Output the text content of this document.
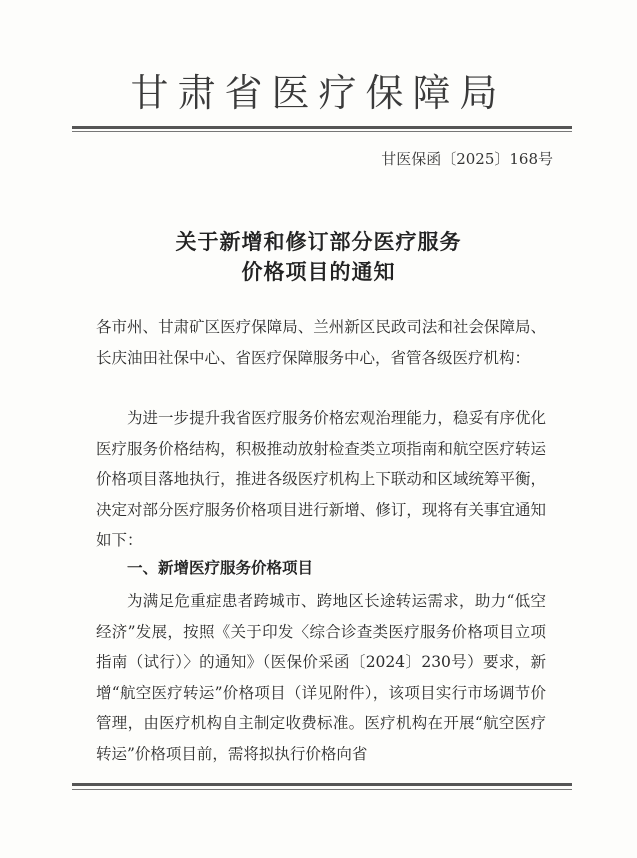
甘肃省医疗保障局
甘医保函〔2025〕168号
关于新增和修订部分医疗服务
价格项目的通知
各市州、甘肃矿区医疗保障局、兰州新区民政司法和社会保障局、长庆油田社保中心、省医疗保障服务中心，省管各级医疗机构：
为进一步提升我省医疗服务价格宏观治理能力，稳妥有序优化医疗服务价格结构，积极推动放射检查类立项指南和航空医疗转运价格项目落地执行，推进各级医疗机构上下联动和区域统筹平衡，决定对部分医疗服务价格项目进行新增、修订，现将有关事宜通知如下：
一、新增医疗服务价格项目
为满足危重症患者跨城市、跨地区长途转运需求，助力“低空经济”发展，按照《关于印发〈综合诊查类医疗服务价格项目立项指南（试行）〉的通知》（医保价采函〔2024〕230号）要求，新增“航空医疗转运”价格项目（详见附件），该项目实行市场调节价管理，由医疗机构自主制定收费标准。医疗机构在开展“航空医疗转运”价格项目前，需将拟执行价格向省
